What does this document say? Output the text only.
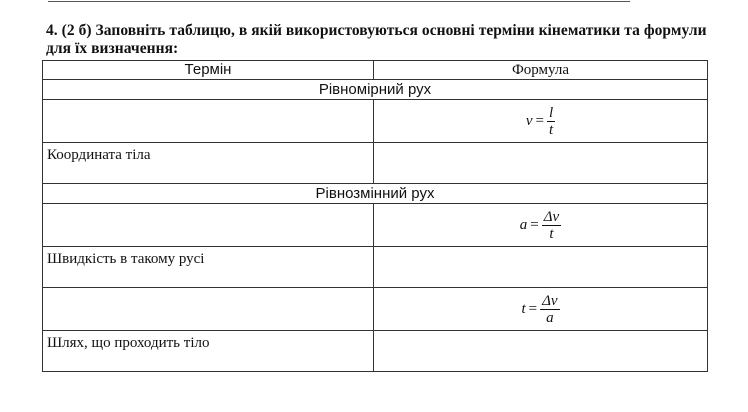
4. (2 б) Заповніть таблицю, в якій використовуються основні терміни кінематики та формули для їх визначення:
Термін	Формула
Рівномірний рух	

	$v = \frac{l}{t}$

Координата тіла	

Рівнозмінний рух	

	$a = \frac{\Delta v}{t}$

Швидкість в такому русі	

	$t = \frac{\Delta v}{a}$

Шлях, що проходить тіло	
